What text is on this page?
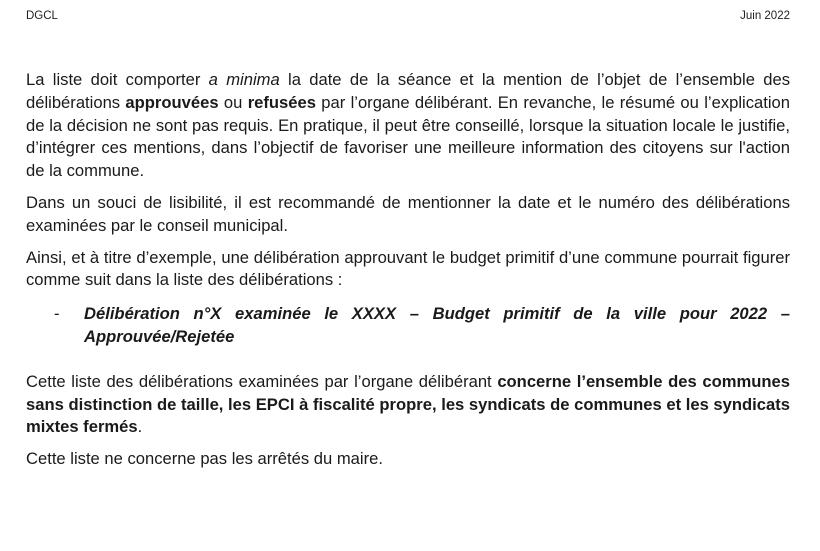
DGCL	Juin 2022

La liste doit comporter a minima la date de la séance et la mention de l’objet de l’ensemble des délibérations approuvées ou refusées par l’organe délibérant. En revanche, le résumé ou l’explication de la décision ne sont pas requis. En pratique, il peut être conseillé, lorsque la situation locale le justifie, d’intégrer ces mentions, dans l’objectif de favoriser une meilleure information des citoyens sur l'action de la commune.

Dans un souci de lisibilité, il est recommandé de mentionner la date et le numéro des délibérations examinées par le conseil municipal.

Ainsi, et à titre d’exemple, une délibération approuvant le budget primitif d’une commune pourrait figurer comme suit dans la liste des délibérations :

- Délibération n°X examinée le XXXX – Budget primitif de la ville pour 2022 – Approuvée/Rejetée

Cette liste des délibérations examinées par l’organe délibérant concerne l’ensemble des communes sans distinction de taille, les EPCI à fiscalité propre, les syndicats de communes et les syndicats mixtes fermés.

Cette liste ne concerne pas les arrêtés du maire.
